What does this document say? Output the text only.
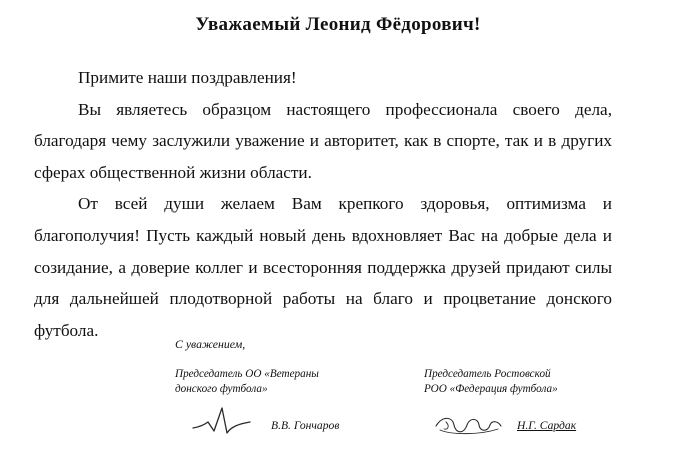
Уважаемый Леонид Фёдорович!

Примите наши поздравления!

Вы являетесь образцом настоящего профессионала своего дела, благодаря чему заслужили уважение и авторитет, как в спорте, так и в других сферах общественной жизни области.

От всей души желаем Вам крепкого здоровья, оптимизма и благополучия! Пусть каждый новый день вдохновляет Вас на добрые дела и созидание, а доверие коллег и всесторонняя поддержка друзей придают силы для дальнейшей плодотворной работы на благо и процветание донского футбола.

С уважением,
Председатель ОО «Ветераны
донского футбола»
Председатель Ростовской
РОО «Федерация футбола»
В.В. Гончаров	Н.Г. Сардак
